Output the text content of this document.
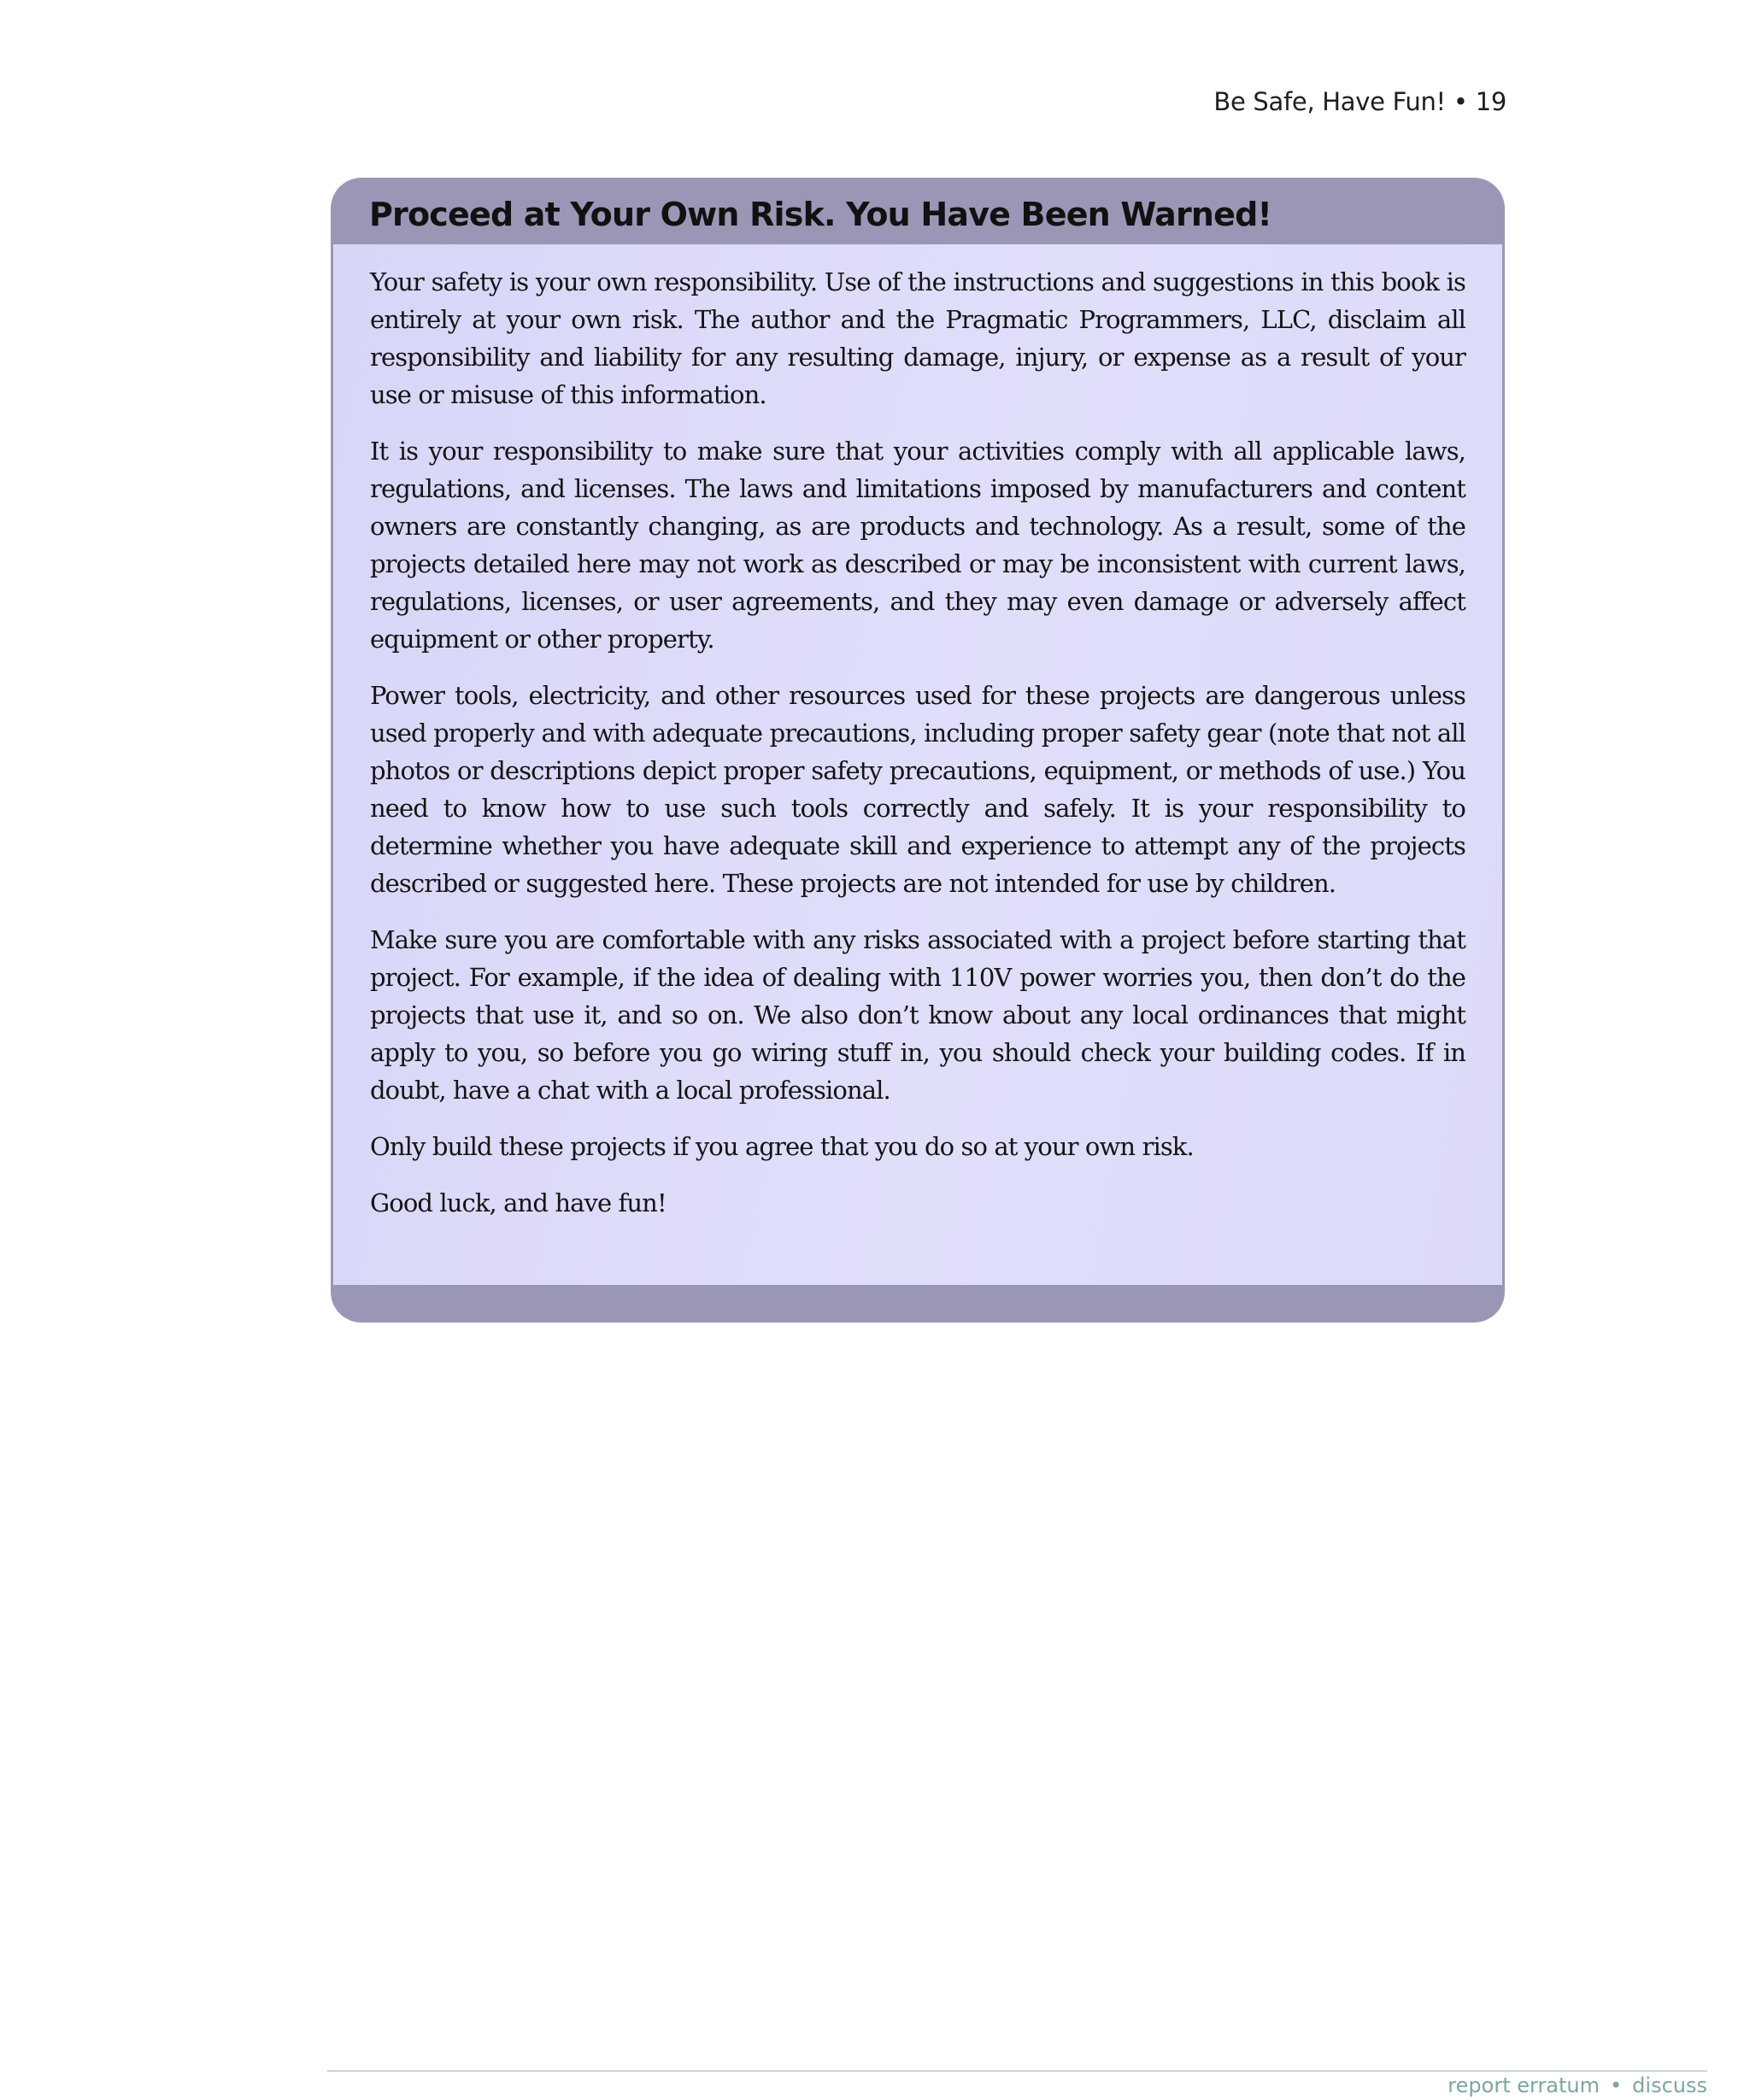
Be Safe, Have Fun! • 19
Proceed at Your Own Risk. You Have Been Warned!

Your safety is your own responsibility. Use of the instructions and suggestions in this book is entirely at your own risk. The author and the Pragmatic Programmers, LLC, disclaim all responsibility and liability for any resulting damage, injury, or expense as a result of your use or misuse of this information.

It is your responsibility to make sure that your activities comply with all applicable laws, regulations, and licenses. The laws and limitations imposed by manufacturers and content owners are constantly changing, as are products and technology. As a result, some of the projects detailed here may not work as described or may be inconsistent with current laws, regulations, licenses, or user agreements, and they may even damage or adversely affect equipment or other property.

Power tools, electricity, and other resources used for these projects are dangerous unless used properly and with adequate precautions, including proper safety gear (note that not all photos or descriptions depict proper safety precautions, equipment, or methods of use.) You need to know how to use such tools correctly and safely. It is your responsibility to determine whether you have adequate skill and experience to attempt any of the projects described or suggested here. These projects are not intended for use by children.

Make sure you are comfortable with any risks associated with a project before starting that project. For example, if the idea of dealing with 110V power worries you, then don’t do the projects that use it, and so on. We also don’t know about any local ordinances that might apply to you, so before you go wiring stuff in, you should check your building codes. If in doubt, have a chat with a local professional.

Only build these projects if you agree that you do so at your own risk.

Good luck, and have fun!

report erratum • discuss
